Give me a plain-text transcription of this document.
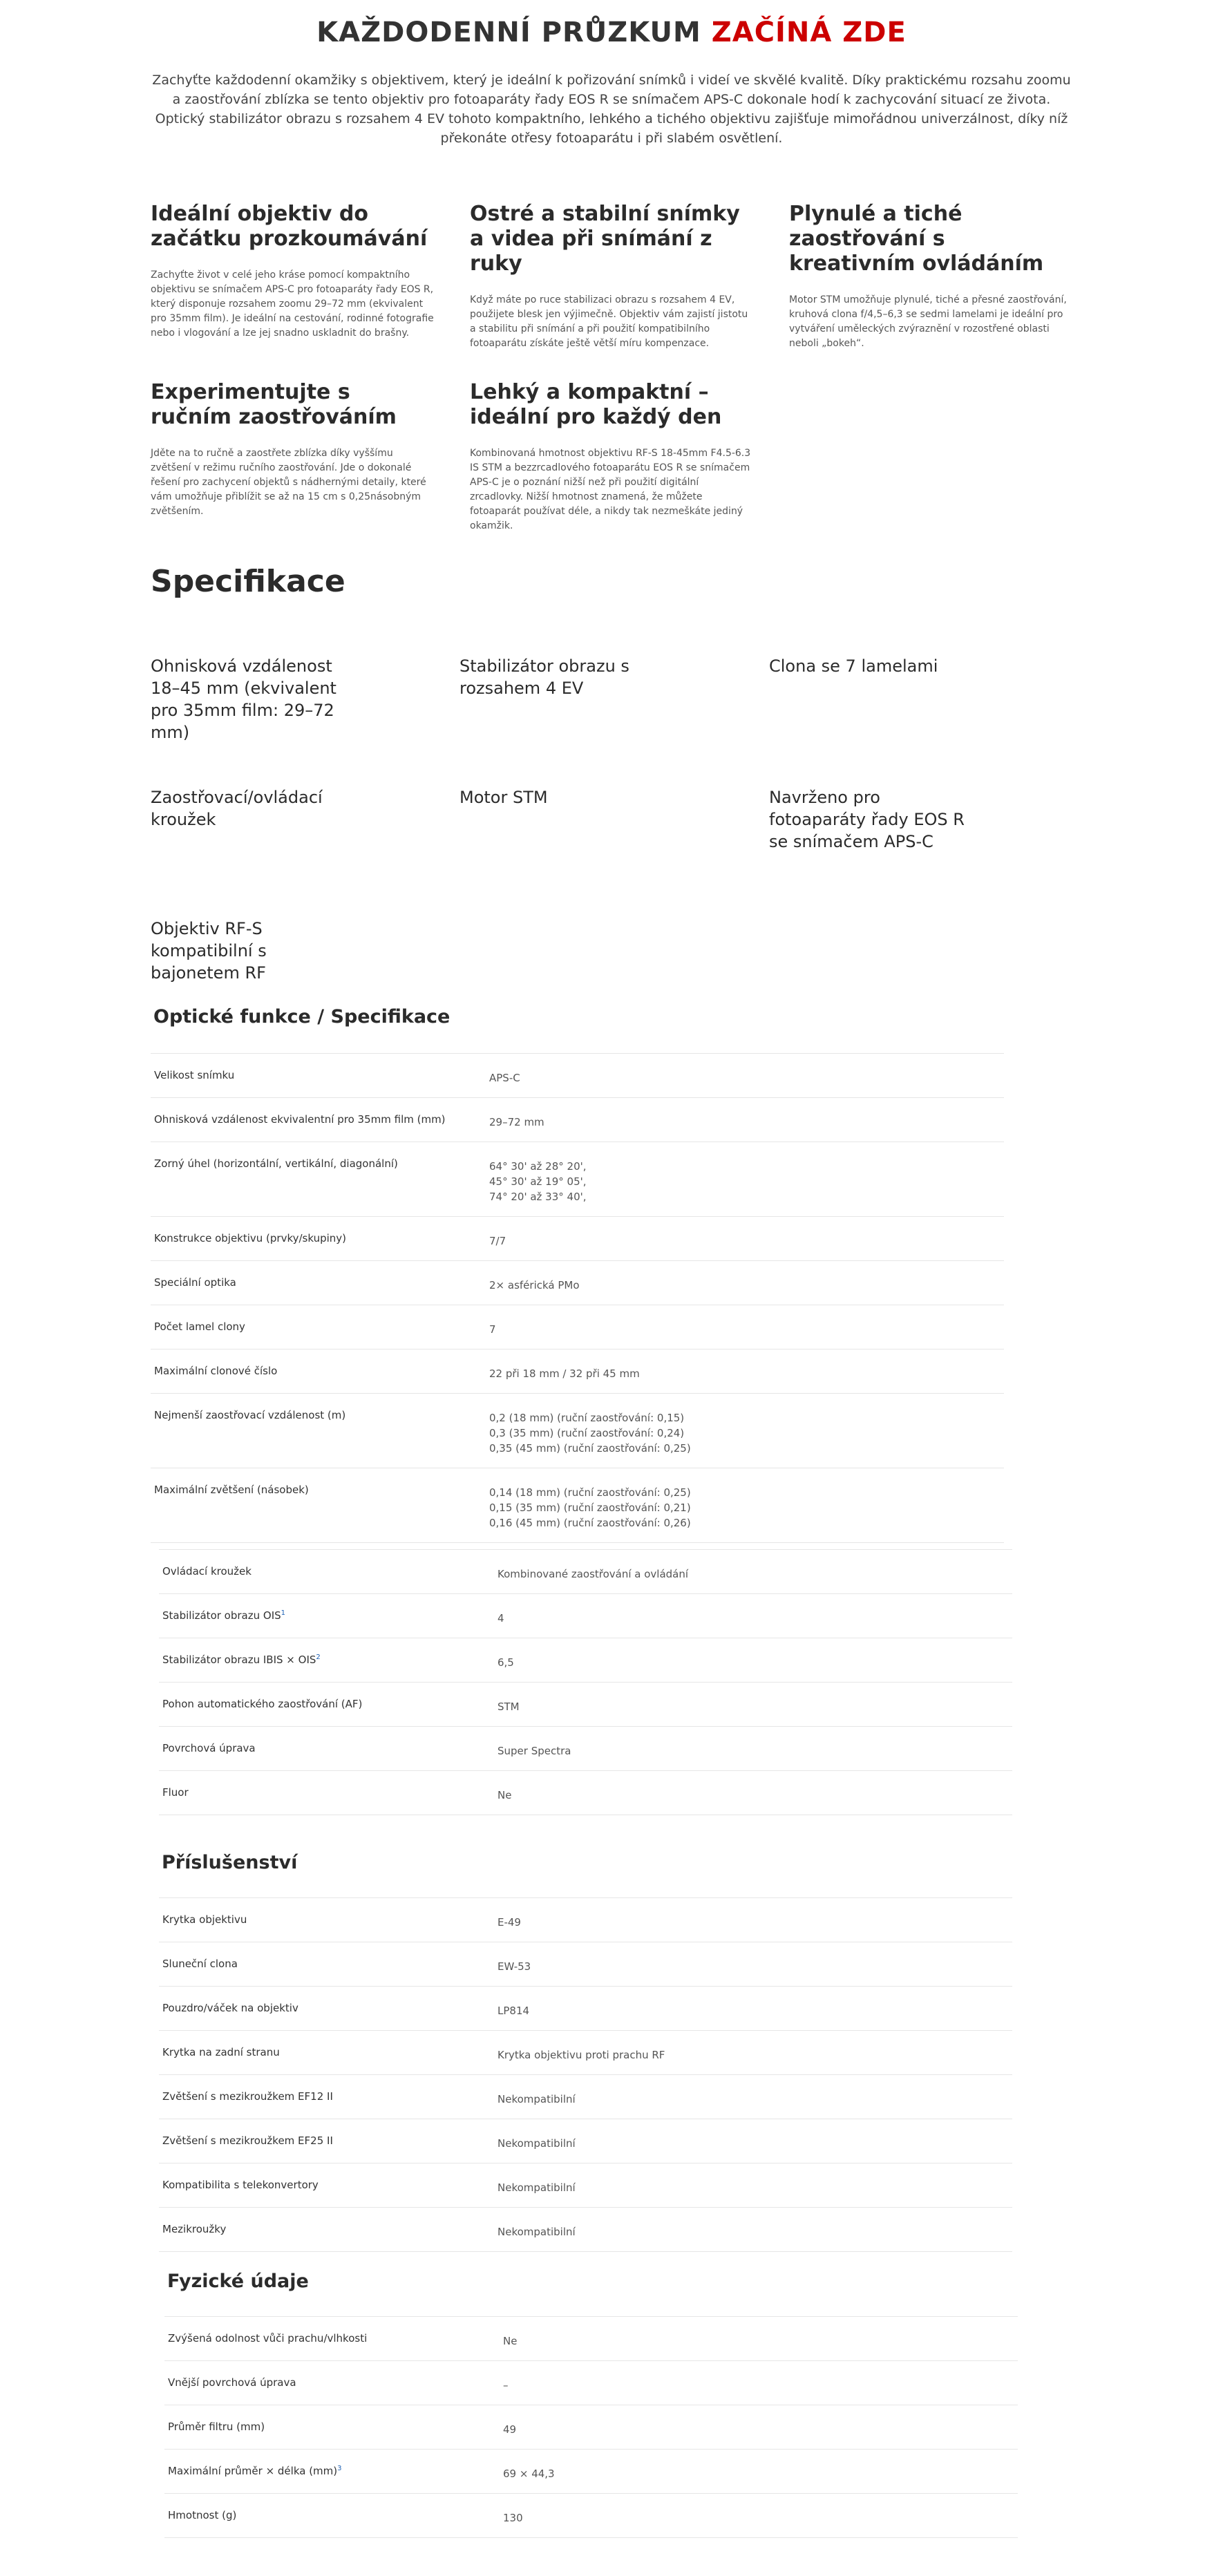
KAŽDODENNÍ PRŮZKUM ZAČÍNÁ ZDE

Zachyťte každodenní okamžiky s objektivem, který je ideální k pořizování snímků i videí ve skvělé kvalitě. Díky praktickému rozsahu zoomu a zaostřování zblízka se tento objektiv pro fotoaparáty řady EOS R se snímačem APS-C dokonale hodí k zachycování situací ze života. Optický stabilizátor obrazu s rozsahem 4 EV tohoto kompaktního, lehkého a tichého objektivu zajišťuje mimořádnou univerzálnost, díky níž překonáte otřesy fotoaparátu i při slabém osvětlení.

Ideální objektiv do začátku prozkoumávání

Zachyťte život v celé jeho kráse pomocí kompaktního objektivu se snímačem APS-C pro fotoaparáty řady EOS R, který disponuje rozsahem zoomu 29–72 mm (ekvivalent pro 35mm film). Je ideální na cestování, rodinné fotografie nebo i vlogování a lze jej snadno uskladnit do brašny.

Ostré a stabilní snímky a videa při snímání z ruky

Když máte po ruce stabilizaci obrazu s rozsahem 4 EV, použijete blesk jen výjimečně. Objektiv vám zajistí jistotu a stabilitu při snímání a při použití kompatibilního fotoaparátu získáte ještě větší míru kompenzace.

Plynulé a tiché zaostřování s kreativním ovládáním

Motor STM umožňuje plynulé, tiché a přesné zaostřování, kruhová clona f/4,5–6,3 se sedmi lamelami je ideální pro vytváření uměleckých zvýraznění v rozostřené oblasti neboli „bokeh“.

Experimentujte s ručním zaostřováním

Jděte na to ručně a zaostřete zblízka díky vyššímu zvětšení v režimu ručního zaostřování. Jde o dokonalé řešení pro zachycení objektů s nádhernými detaily, které vám umožňuje přiblížit se až na 15 cm s 0,25násobným zvětšením.

Lehký a kompaktní – ideální pro každý den

Kombinovaná hmotnost objektivu RF-S 18-45mm F4.5-6.3 IS STM a bezzrcadlového fotoaparátu EOS R se snímačem APS-C je o poznání nižší než při použití digitální zrcadlovky. Nižší hmotnost znamená, že můžete fotoaparát používat déle, a nikdy tak nezmeškáte jediný okamžik.

Specifikace
Ohnisková vzdálenost 18–45 mm (ekvivalent pro 35mm film: 29–72 mm)
Stabilizátor obrazu s rozsahem 4 EV
Clona se 7 lamelami
Zaostřovací/ovládací kroužek
Motor STM	Navrženo pro fotoaparáty řady EOS R se snímačem APS-C
Objektiv RF-S kompatibilní s bajonetem RF
Optické funkce / Specifikace
Velikost snímku	APS-C
Ohnisková vzdálenost ekvivalentní pro 35mm film (mm)	29–72 mm
Zorný úhel (horizontální, vertikální, diagonální)	64° 30' až 28° 20',
45° 30' až 19° 05',
74° 20' až 33° 40',
Konstrukce objektivu (prvky/skupiny)	7/7
Speciální optika	2× asférická PMo
Počet lamel clony	7
Maximální clonové číslo	22 při 18 mm / 32 při 45 mm
Nejmenší zaostřovací vzdálenost (m)	0,2 (18 mm) (ruční zaostřování: 0,15)
0,3 (35 mm) (ruční zaostřování: 0,24)
0,35 (45 mm) (ruční zaostřování: 0,25)
Maximální zvětšení (násobek)	0,14 (18 mm) (ruční zaostřování: 0,25)
0,15 (35 mm) (ruční zaostřování: 0,21)
0,16 (45 mm) (ruční zaostřování: 0,26)
Ovládací kroužek	Kombinované zaostřování a ovládání
Stabilizátor obrazu OIS$^1$	4
Stabilizátor obrazu IBIS × $OIS^2$	6,5
Pohon automatického zaostřování (AF)	STM
Povrchová úprava	Super Spectra
Fluor	Ne
Příslušenství
Krytka objektivu	E-49
Sluneční clona	EW-53
Pouzdro/váček na objektiv	LP814
Krytka na zadní stranu	Krytka objektivu proti prachu RF
Zvětšení s mezikroužkem EF12 II	Nekompatibilní
Zvětšení s mezikroužkem EF25 II	Nekompatibilní
Kompatibilita s telekonvertory	Nekompatibilní
Mezikroužky	Nekompatibilní
Fyzické údaje
Zvýšená odolnost vůči prachu/vlhkosti	Ne
Vnější povrchová úprava	–
Průměr filtru (mm)	49
Maximální průměr × délka (mm)$^3$	69 × 44,3
Hmotnost (g)	130
